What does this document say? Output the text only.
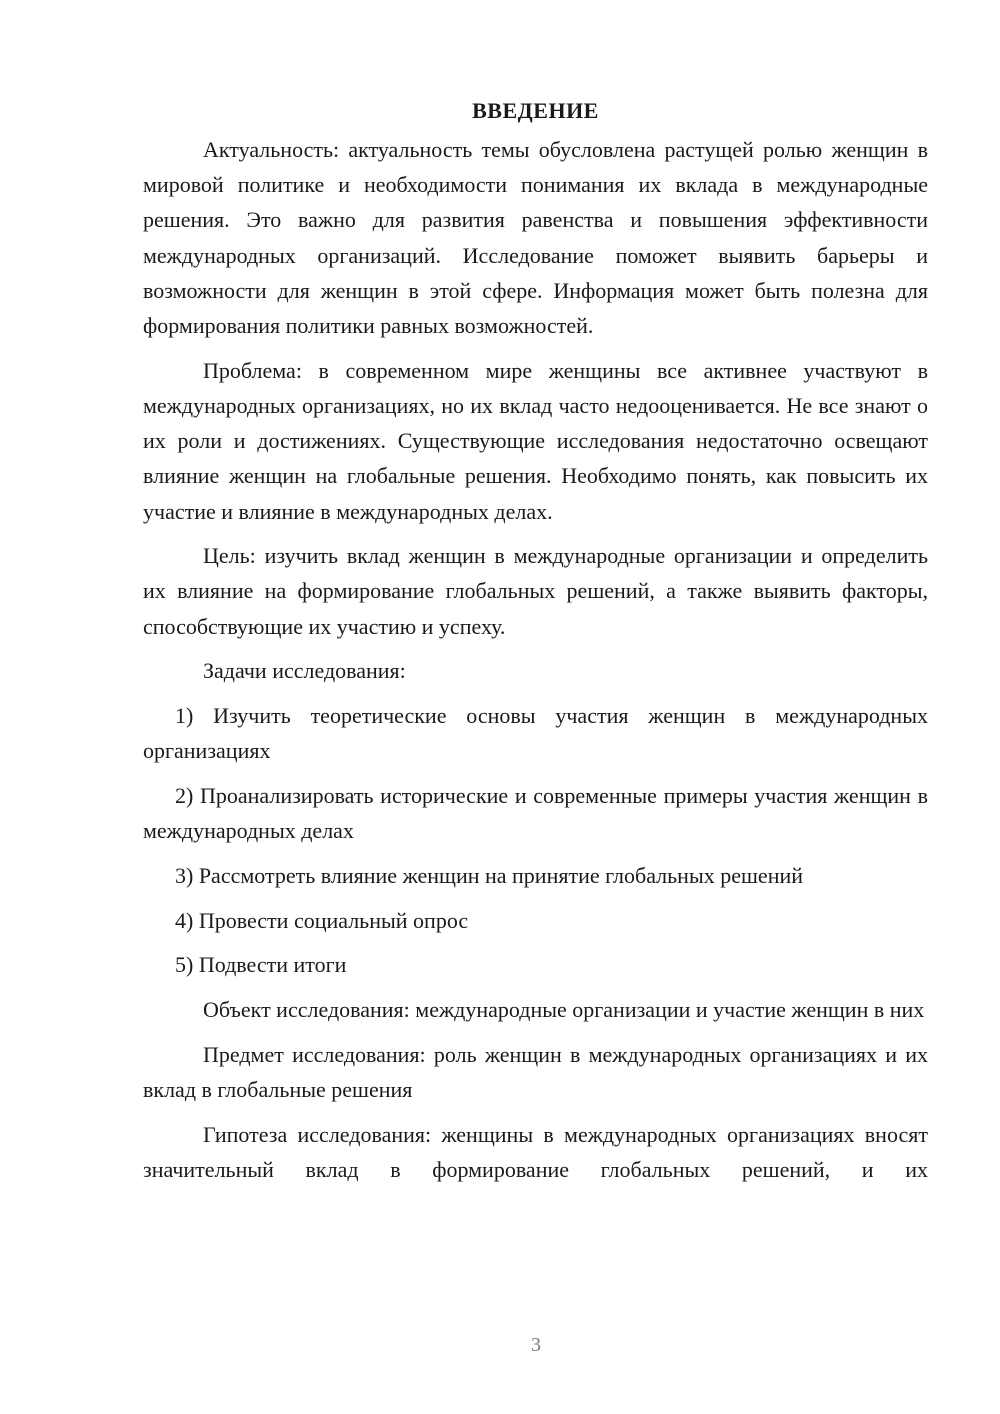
ВВЕДЕНИЕ

Актуальность: актуальность темы обусловлена растущей ролью женщин в мировой политике и необходимости понимания их вклада в международные решения. Это важно для развития равенства и повышения эффективности международных организаций. Исследование поможет выявить барьеры и возможности для женщин в этой сфере. Информация может быть полезна для формирования политики равных возможностей.

Проблема: в современном мире женщины все активнее участвуют в международных организациях, но их вклад часто недооценивается. Не все знают о их роли и достижениях. Существующие исследования недостаточно освещают влияние женщин на глобальные решения. Необходимо понять, как повысить их участие и влияние в международных делах.

Цель: изучить вклад женщин в международные организации и определить их влияние на формирование глобальных решений, а также выявить факторы, способствующие их участию и успеху.

Задачи исследования:

1) Изучить теоретические основы участия женщин в международных организациях

2) Проанализировать исторические и современные примеры участия женщин в международных делах

3) Рассмотреть влияние женщин на принятие глобальных решений

4) Провести социальный опрос

5) Подвести итоги

Объект исследования: международные организации и участие женщин в них

Предмет исследования: роль женщин в международных организациях и их вклад в глобальные решения

Гипотеза исследования: женщины в международных организациях вносят значительный вклад в формирование глобальных решений, и их

3
